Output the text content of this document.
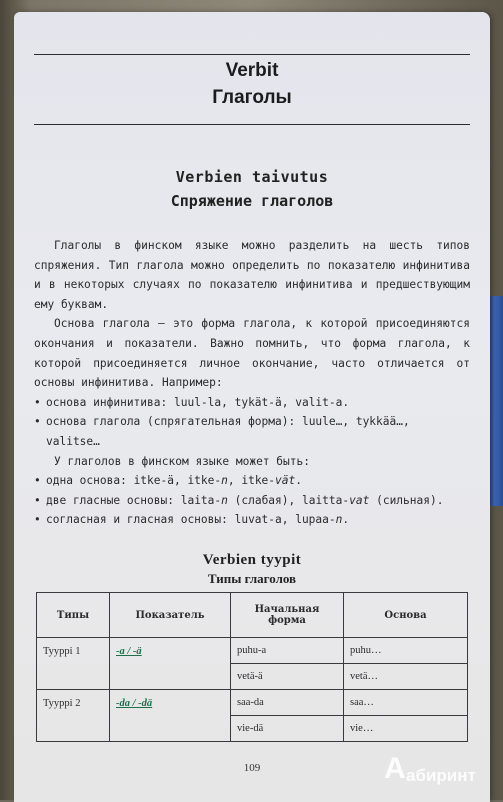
Verbit
Глаголы
Verbien taivutus
Спряжение глаголов

Глаголы в финском языке можно разделить на шесть типов спряжения. Тип глагола можно определить по показателю инфинитива и в некоторых случаях по показателю инфинитива и предшествующим ему буквам.

Основа глагола — это форма глагола, к которой присоединяются окончания и показатели. Важно помнить, что форма глагола, к которой присоединяется личное окончание, часто отличается от основы инфинитива. Например:

• основа инфинитива: luul-la, tykät-ä, valit-a.
• основа глагола (спрягательная форма): luule…, tykkää…, valitse…

У глаголов в финском языке может быть:

• одна основа: itke-ä, itke-n, itke-vät.
• две гласные основы: laita-n (слабая), laitta-vat (сильная).
• согласная и гласная основы: luvat-a, lupaa-n.
Verbien tyypit
Типы глаголов
Типы	Показатель	Начальная форма	Основа
Tyyppi 1	-a / -ä	puhu-a	puhu…
		vetä-ä	vetä…
Tyyppi 2	-da / -dä	saa-da	saa…
		vie-dä	vie…
109	A абиринт
